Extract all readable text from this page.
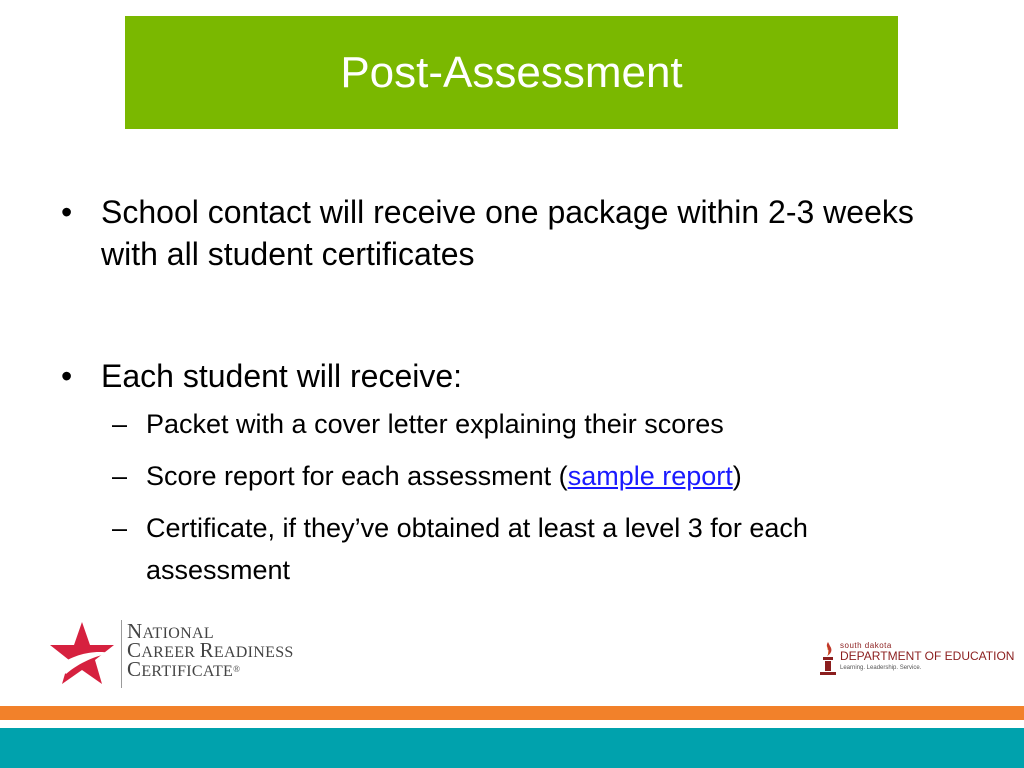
Post-Assessment
• School contact will receive one package within 2-3 weeks with all student certificates
• Each student will receive:
– Packet with a cover letter explaining their scores
– Score report for each assessment (sample report)
– Certificate, if they’ve obtained at least a level 3 for each assessment
NATIONAL
CAREER READINESS
CERTIFICATE®
south dakota
DEPARTMENT OF EDUCATION
Learning. Leadership. Service.
